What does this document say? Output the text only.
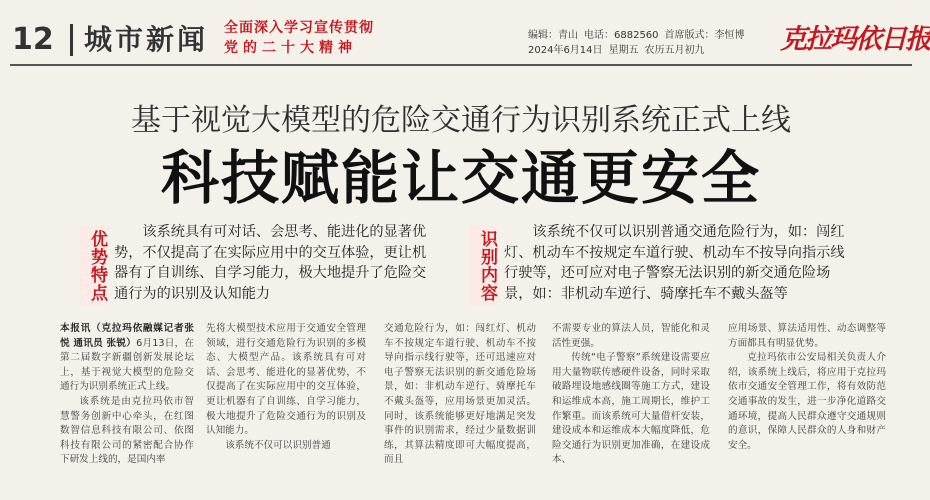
12	城市新闻	全面深入学习宣传贯彻
党的二十大精神
编辑：青山 电话：6882560 首席版式：李恒博
2024年6月14日 星期五 农历五月初九	克拉玛依日报
基于视觉大模型的危险交通行为识别系统正式上线
科技赋能让交通更安全
优势特点	该系统具有可对话、会思考、能进化的显著优势，不仅提高了在实际应用中的交互体验，更让机器有了自训练、自学习能力，极大地提升了危险交通行为的识别及认知能力	识别内容	该系统不仅可以识别普通交通危险行为，如：闯红灯、机动车不按规定车道行驶、机动车不按导向指示线行驶等，还可应对电子警察无法识别的新交通危险场景，如：非机动车逆行、骑摩托车不戴头盔等

本报讯（克拉玛依融媒记者张悦 通讯员 张锐）6月13日，在第二届数字新疆创新发展论坛上，基于视觉大模型的危险交通行为识别系统正式上线。

该系统是由克拉玛依市智慧警务创新中心牵头，在红图数智信息科技有限公司、依图科技有限公司的紧密配合协作下研发上线的，是国内率

先将大模型技术应用于交通安全管理领域，进行交通危险行为识别的多模态、大模型产品。该系统具有可对话、会思考、能进化的显著优势，不仅提高了在实际应用中的交互体验，更让机器有了自训练、自学习能力，极大地提升了危险交通行为的识别及认知能力。

该系统不仅可以识别普通

交通危险行为，如：闯红灯、机动车不按规定车道行驶、机动车不按导向指示线行驶等，还可迅速应对电子警察无法识别的新交通危险场景，如：非机动车逆行、骑摩托车不戴头盔等，应用场景更加灵活。同时，该系统能够更好地满足突发事件的识别需求，经过少量数据训练，其算法精度即可大幅度提高，而且

不需要专业的算法人员，智能化和灵活性更强。

传统“电子警察”系统建设需要应用大量物联传感硬件设备，同时采取破路埋设地感线圈等施工方式，建设和运维成本高，施工周期长，维护工作繁重。而该系统可大量借杆安装，建设成本和运维成本大幅度降低，危险交通行为识别更加准确，在建设成本、

应用场景、算法适用性、动态调整等方面都具有明显优势。

克拉玛依市公安局相关负责人介绍，该系统上线后，将应用于克拉玛依市交通安全管理工作，将有效防范交通事故的发生，进一步净化道路交通环境，提高人民群众遵守交通规则的意识，保障人民群众的人身和财产安全。
